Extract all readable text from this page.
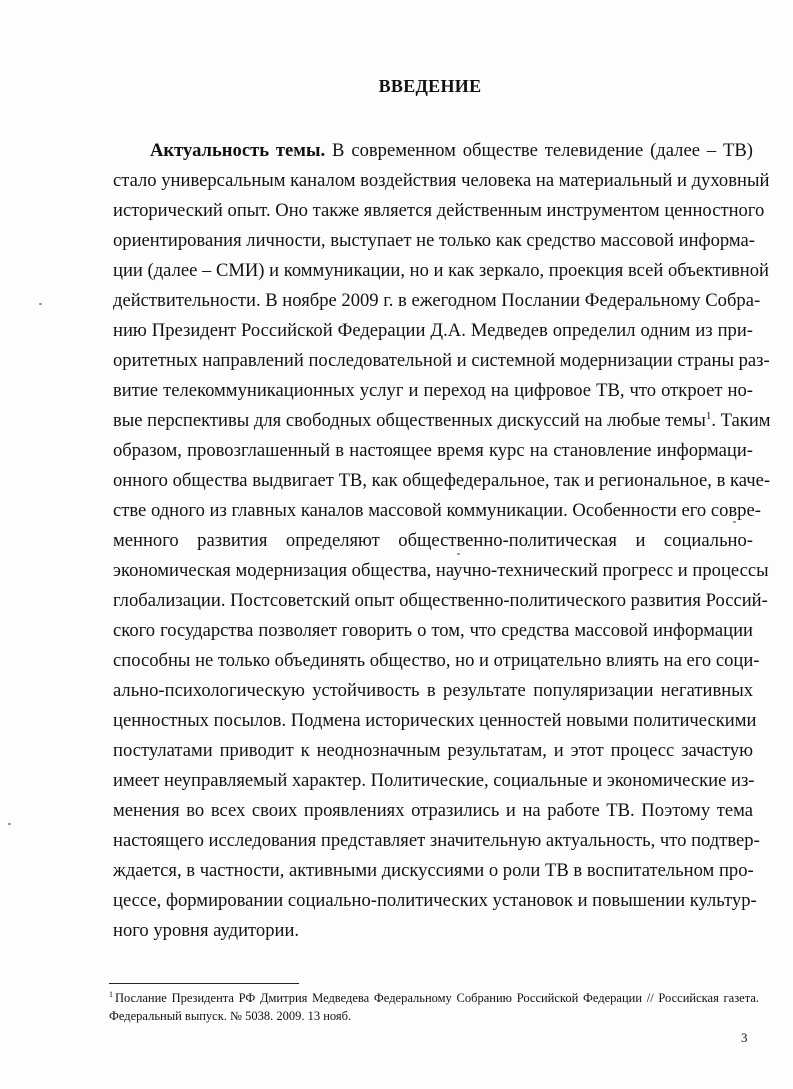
ВВЕДЕНИЕ
Актуальность темы. В современном обществе телевидение (далее – ТВ)
стало универсальным каналом воздействия человека на материальный и духовный
исторический опыт. Оно также является действенным инструментом ценностного
ориентирования личности, выступает не только как средство массовой информа-
ции (далее – СМИ) и коммуникации, но и как зеркало, проекция всей объективной
действительности. В ноябре 2009 г. в ежегодном Послании Федеральному Собра-
нию Президент Российской Федерации Д.А. Медведев определил одним из при-
оритетных направлений последовательной и системной модернизации страны раз-
витие телекоммуникационных услуг и переход на цифровое ТВ, что откроет но-
вые перспективы для свободных общественных дискуссий на любые темы$^1$. Таким
образом, провозглашенный в настоящее время курс на становление информаци-
онного общества выдвигает ТВ, как общефедеральное, так и региональное, в каче-
стве одного из главных каналов массовой коммуникации. Особенности его совре-
менного развития определяют общественно-политическая и социально-
экономическая модернизация общества, научно-технический прогресс и процессы
глобализации. Постсоветский опыт общественно-политического развития Россий-
ского государства позволяет говорить о том, что средства массовой информации
способны не только объединять общество, но и отрицательно влиять на его соци-
ально-психологическую устойчивость в результате популяризации негативных
ценностных посылов. Подмена исторических ценностей новыми политическими
постулатами приводит к неоднозначным результатам, и этот процесс зачастую
имеет неуправляемый характер. Политические, социальные и экономические из-
менения во всех своих проявлениях отразились и на работе ТВ. Поэтому тема
настоящего исследования представляет значительную актуальность, что подтвер-
ждается, в частности, активными дискуссиями о роли ТВ в воспитательном про-
цессе, формировании социально-политических установок и повышении культур-
ного уровня аудитории.
$^1$ Послание Президента РФ Дмитрия Медведева Федеральному Собранию Российской Федерации // Российская газета. Федеральный выпуск. № 5038. 2009. 13 нояб.
3
